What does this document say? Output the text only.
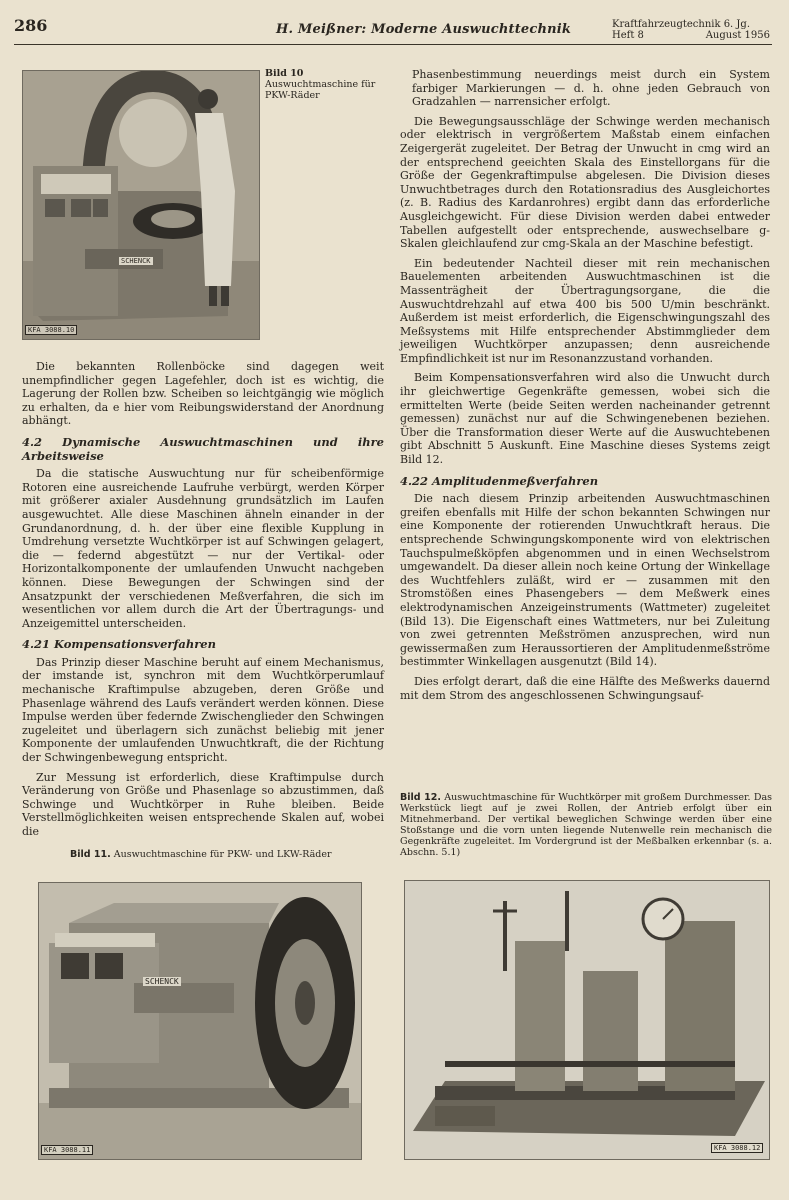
286	H. Meißner: Moderne Auswuchttechnik	Kraftfahrzeugtechnik 6. Jg.
Heft 8	August 1956
KFA 3088.10
SCHENCK
Bild 10
Auswuchtmaschine für PKW-Räder

Die bekannten Rollenböcke sind dagegen weit unempfindlicher gegen Lagefehler, doch ist es wichtig, die Lagerung der Rollen bzw. Scheiben so leichtgängig wie möglich zu erhalten, da e hier vom Reibungswiderstand der Anordnung abhängt.

4.2 Dynamische Auswuchtmaschinen und ihre Arbeitsweise

Da die statische Auswuchtung nur für scheibenförmige Rotoren eine ausreichende Laufruhe verbürgt, werden Körper mit größerer axialer Ausdehnung grundsätzlich im Laufen ausgewuchtet. Alle diese Maschinen ähneln einander in der Grundanordnung, d. h. der über eine flexible Kupplung in Umdrehung versetzte Wuchtkörper ist auf Schwingen gelagert, die — federnd abgestützt — nur der Vertikal- oder Horizontalkomponente der umlaufenden Unwucht nachgeben können. Diese Bewegungen der Schwingen sind der Ansatzpunkt der verschiedenen Meßverfahren, die sich im wesentlichen vor allem durch die Art der Übertragungs- und Anzeigemittel unterscheiden.

4.21 Kompensationsverfahren

Das Prinzip dieser Maschine beruht auf einem Mechanismus, der imstande ist, synchron mit dem Wuchtkörperumlauf mechanische Kraftimpulse abzugeben, deren Größe und Phasenlage während des Laufs verändert werden können. Diese Impulse werden über federnde Zwischenglieder den Schwingen zugeleitet und überlagern sich zunächst beliebig mit jener Komponente der umlaufenden Unwuchtkraft, die der Richtung der Schwingenbewegung entspricht.

Zur Messung ist erforderlich, diese Kraftimpulse durch Veränderung von Größe und Phasenlage so abzustimmen, daß Schwinge und Wuchtkörper in Ruhe bleiben. Beide Verstellmöglichkeiten weisen entsprechende Skalen auf, wobei die

Phasenbestimmung neuerdings meist durch ein System farbiger Markierungen — d. h. ohne jeden Gebrauch von Gradzahlen — narrensicher erfolgt.

Die Bewegungsausschläge der Schwinge werden mechanisch oder elektrisch in vergrößertem Maßstab einem einfachen Zeigergerät zugeleitet. Der Betrag der Unwucht in cmg wird an der entsprechend geeichten Skala des Einstellorgans für die Größe der Gegenkraftimpulse abgelesen. Die Division dieses Unwuchtbetrages durch den Rotationsradius des Ausgleichortes (z. B. Radius des Kardanrohres) ergibt dann das erforderliche Ausgleichgewicht. Für diese Division werden dabei entweder Tabellen aufgestellt oder entsprechende, auswechselbare g-Skalen gleichlaufend zur cmg-Skala an der Maschine befestigt.

Ein bedeutender Nachteil dieser mit rein mechanischen Bauelementen arbeitenden Auswuchtmaschinen ist die Massenträgheit der Übertragungsorgane, die die Auswuchtdrehzahl auf etwa 400 bis 500 U/min beschränkt. Außerdem ist meist erforderlich, die Eigenschwingungszahl des Meßsystems mit Hilfe entsprechender Abstimmglieder dem jeweiligen Wuchtkörper anzupassen; denn ausreichende Empfindlichkeit ist nur im Resonanzzustand vorhanden.

Beim Kompensationsverfahren wird also die Unwucht durch ihr gleichwertige Gegenkräfte gemessen, wobei sich die ermittelten Werte (beide Seiten werden nacheinander getrennt gemessen) zunächst nur auf die Schwingenebenen beziehen. Über die Transformation dieser Werte auf die Auswuchtebenen gibt Abschnitt 5 Auskunft. Eine Maschine dieses Systems zeigt Bild 12.

4.22 Amplitudenmeßverfahren

Die nach diesem Prinzip arbeitenden Auswuchtmaschinen greifen ebenfalls mit Hilfe der schon bekannten Schwingen nur eine Komponente der rotierenden Unwuchtkraft heraus. Die entsprechende Schwingungskomponente wird von elektrischen Tauchspulmeßköpfen abgenommen und in einen Wechselstrom umgewandelt. Da dieser allein noch keine Ortung der Winkellage des Wuchtfehlers zuläßt, wird er — zusammen mit den Stromstößen eines Phasengebers — dem Meßwerk eines elektrodynamischen Anzeigeinstruments (Wattmeter) zugeleitet (Bild 13). Die Eigenschaft eines Wattmeters, nur bei Zuleitung von zwei getrennten Meßströmen anzusprechen, wird nun gewissermaßen zum Heraussortieren der Amplitudenmeßströme bestimmter Winkellagen ausgenutzt (Bild 14).

Dies erfolgt derart, daß die eine Hälfte des Meßwerks dauernd mit dem Strom des angeschlossenen Schwingungsauf-

Bild 12. Auswuchtmaschine für Wuchtkörper mit großem Durchmesser. Das Werkstück liegt auf je zwei Rollen, der Antrieb erfolgt über ein Mitnehmerband. Der vertikal beweglichen Schwinge werden über eine Stoßstange und die vorn unten liegende Nutenwelle rein mechanisch die Gegenkräfte zugeleitet. Im Vordergrund ist der Meßbalken erkennbar (s. a. Abschn. 5.1)
Bild 11. Auswuchtmaschine für PKW- und LKW-Räder
KFA 3088.11
SCHENCK
KFA 3088.12
